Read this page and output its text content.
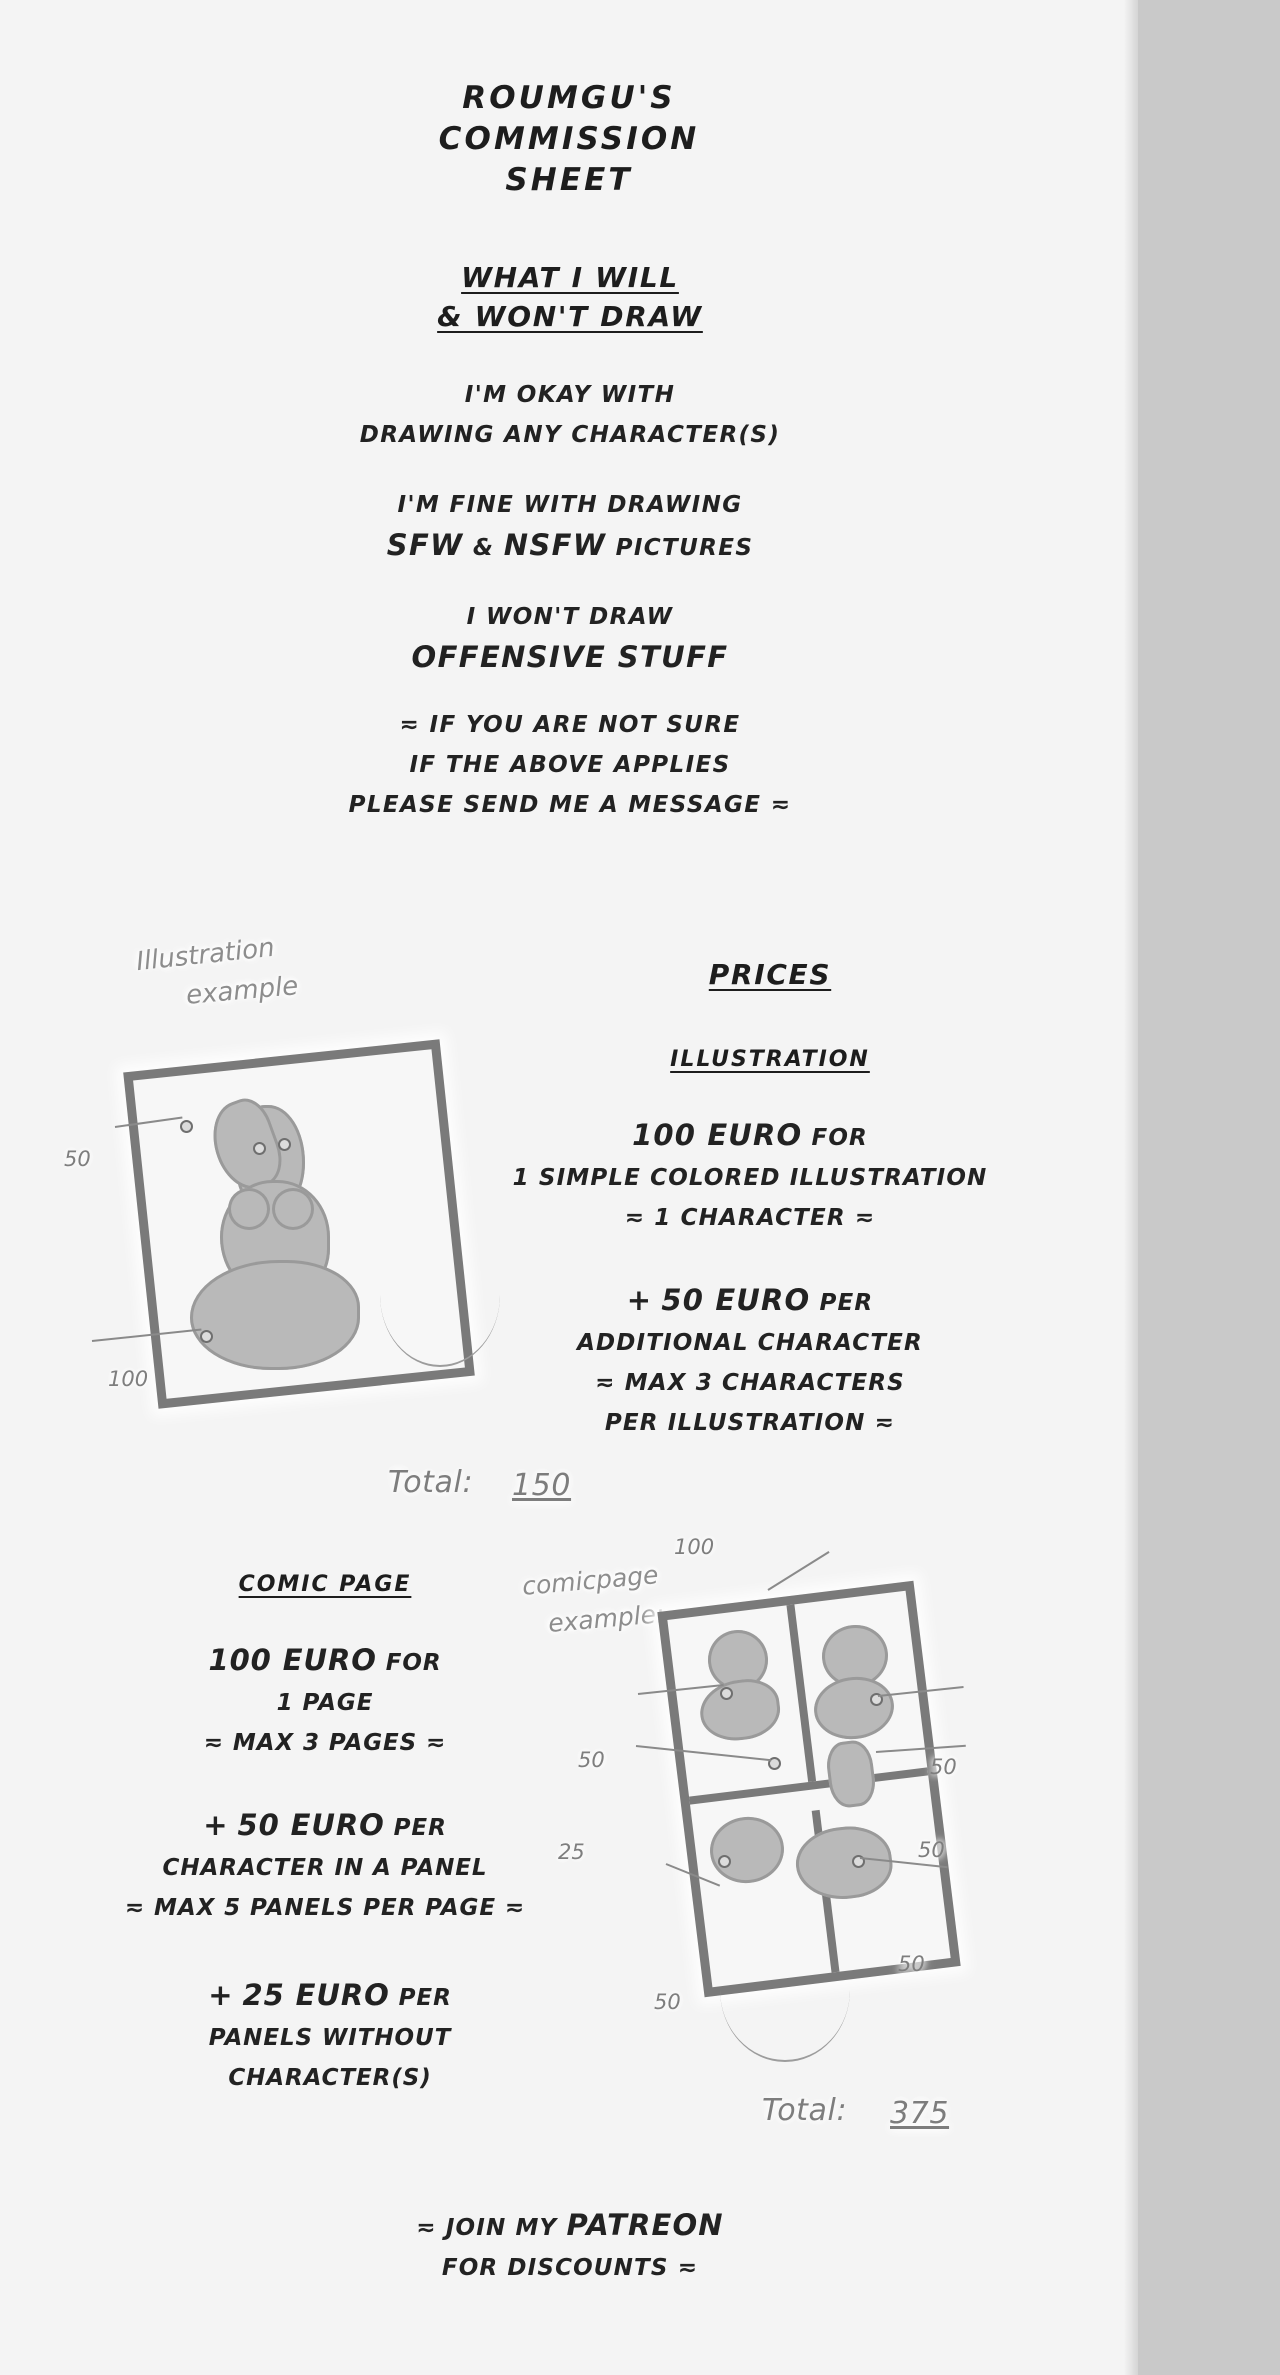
ROUMGU'S
COMMISSION
SHEET
WHAT I WILL
& WON'T DRAW
I'M OKAY WITH
DRAWING ANY CHARACTER(S)
I'M FINE WITH DRAWING
SFW & NSFW PICTURES
I WON'T DRAW
OFFENSIVE STUFF
≂ IF YOU ARE NOT SURE
IF THE ABOVE APPLIES
PLEASE SEND ME A MESSAGE ≂
PRICES
ILLUSTRATION
100 EURO FOR
1 SIMPLE COLORED ILLUSTRATION
≂ 1 CHARACTER ≂
+ 50 EURO PER
ADDITIONAL CHARACTER
≂ MAX 3 CHARACTERS
PER ILLUSTRATION ≂
COMIC PAGE
100 EURO FOR
1 PAGE
≂ MAX 3 PAGES ≂
+ 50 EURO PER
CHARACTER IN A PANEL
≂ MAX 5 PANELS PER PAGE ≂
+ 25 EURO PER
PANELS WITHOUT
CHARACTER(S)
≂ JOIN MY PATREON
FOR DISCOUNTS ≂
Illustration
example
50
100
Total: 150
comicpage
example:
100
50	50
25	50
50
50
Total: 375
